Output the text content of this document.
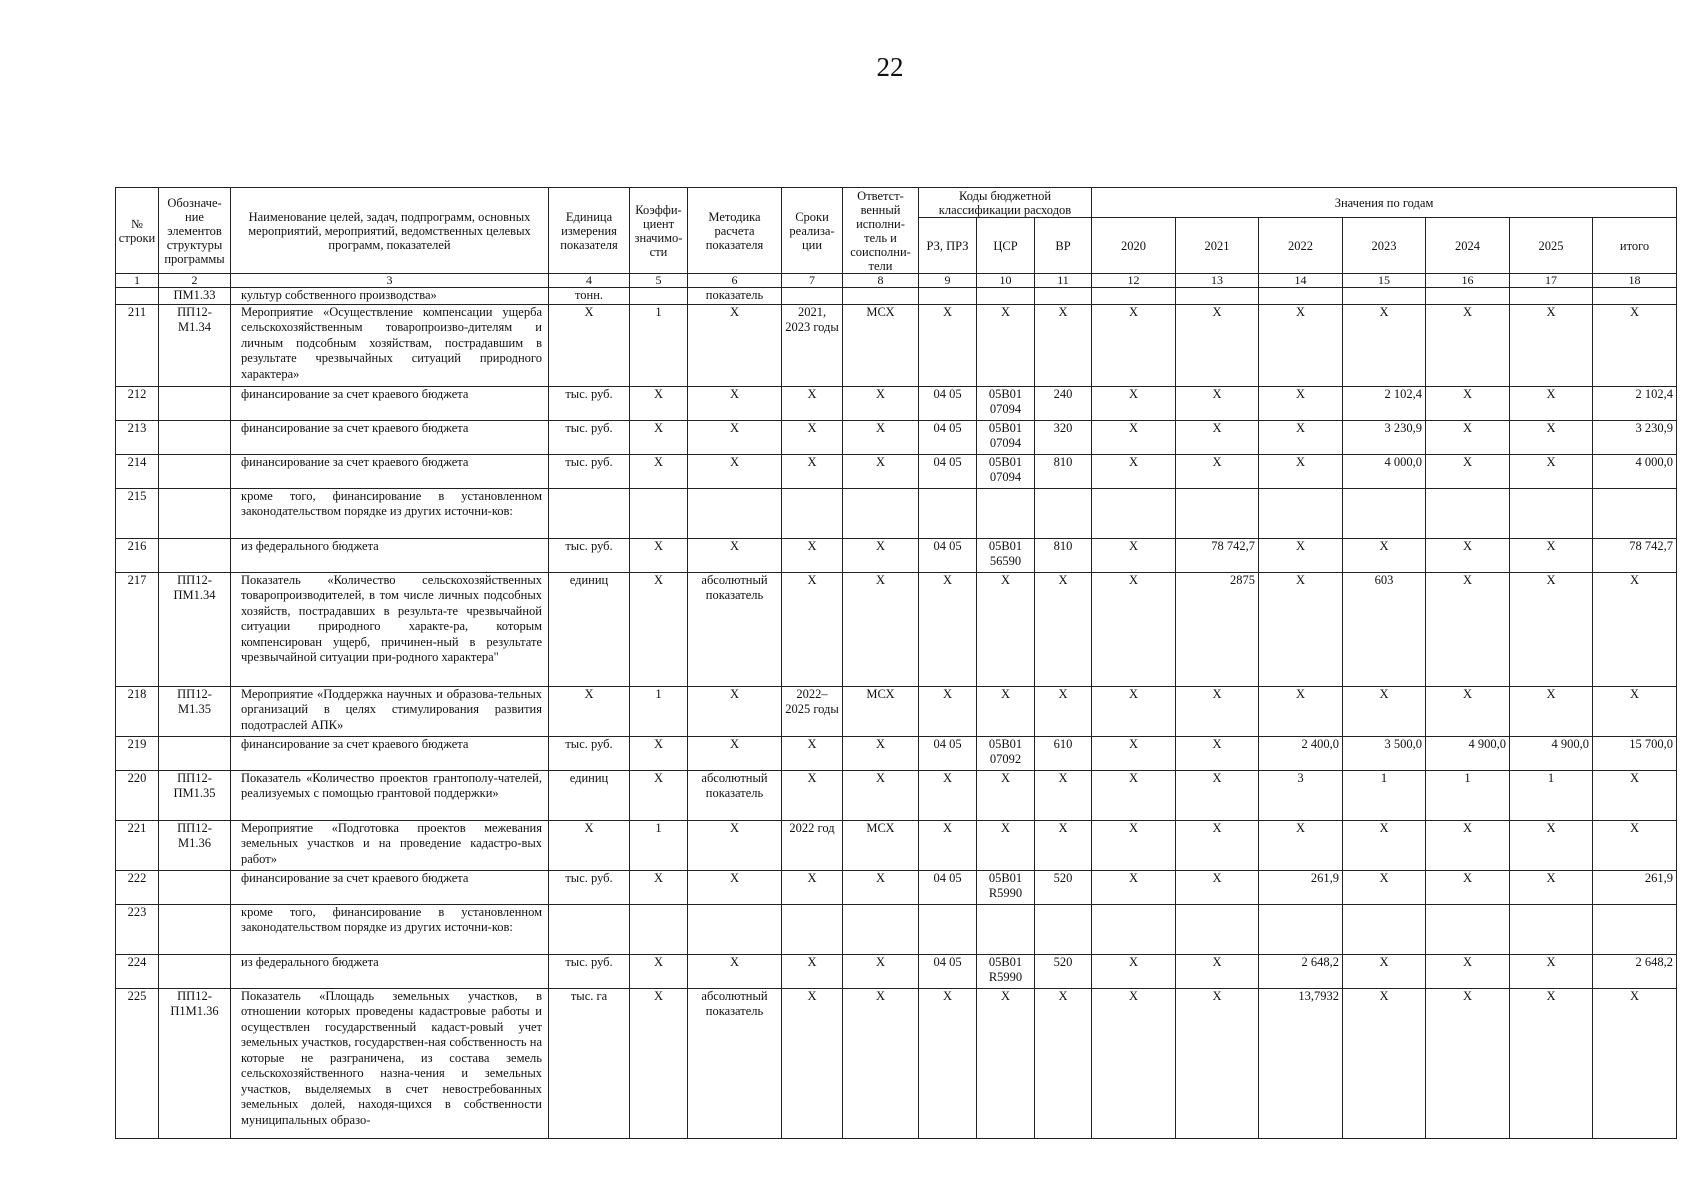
22
№ строки	Обозначе-ние элементов структуры программы	Наименование целей, задач, подпрограмм, основных мероприятий, мероприятий, ведомственных целевых программ, показателей	Единица измерения показателя	Коэффи-циент значимо-сти	Методика расчета показателя	Сроки реализа-ции	Ответст-венный исполни-тель и соисполни-тели	Коды бюджетной классификации расходов			Значения по годам						
								РЗ, ПРЗ	ЦСР	ВР	2020	2021	2022	2023	2024	2025	итого
1	2	3	4	5	6	7	8	9	10	11	12	13	14	15	16	17	18
	ПМ1.33	культур собственного производства»	тонн.		показатель												
211	ПП12-М1.34	Мероприятие «Осуществление компенсации ущерба сельскохозяйственным товаропроизво-дителям и личным подсобным хозяйствам, пострадавшим в результате чрезвычайных ситуаций природного характера»	Х	1	Х	2021, 2023 годы	МСХ	Х	Х	Х	Х	Х	Х	Х	Х	Х	Х
212		финансирование за счет краевого бюджета	тыс. руб.	Х	Х	Х	Х	04 05	05В01 07094	240	Х	Х	Х	2 102,4	Х	Х	2 102,4
213		финансирование за счет краевого бюджета	тыс. руб.	Х	Х	Х	Х	04 05	05В01 07094	320	Х	Х	Х	3 230,9	Х	Х	3 230,9
214		финансирование за счет краевого бюджета	тыс. руб.	Х	Х	Х	Х	04 05	05В01 07094	810	Х	Х	Х	4 000,0	Х	Х	4 000,0
215		кроме того, финансирование в установленном законодательством порядке из других источни-ков:															
216		из федерального бюджета	тыс. руб.	Х	Х	Х	Х	04 05	05В01 56590	810	Х	78 742,7	Х	Х	Х	Х	78 742,7
217	ПП12-ПМ1.34	Показатель «Количество сельскохозяйственных товаропроизводителей, в том числе личных подсобных хозяйств, пострадавших в результа-те чрезвычайной ситуации природного характе-ра, которым компенсирован ущерб, причинен-ный в результате чрезвычайной ситуации при-родного характера"	единиц	Х	абсолютный показатель	Х	Х	Х	Х	Х	Х	2875	Х	603	Х	Х	Х
218	ПП12-М1.35	Мероприятие «Поддержка научных и образова-тельных организаций в целях стимулирования развития подотраслей АПК»	Х	1	Х	2022–2025 годы	МСХ	Х	Х	Х	Х	Х	Х	Х	Х	Х	Х
219		финансирование за счет краевого бюджета	тыс. руб.	Х	Х	Х	Х	04 05	05В01 07092	610	Х	Х	2 400,0	3 500,0	4 900,0	4 900,0	15 700,0
220	ПП12-ПМ1.35	Показатель «Количество проектов грантополу-чателей, реализуемых с помощью грантовой поддержки»	единиц	Х	абсолютный показатель	Х	Х	Х	Х	Х	Х	Х	3	1	1	1	Х
221	ПП12-М1.36	Мероприятие «Подготовка проектов межевания земельных участков и на проведение кадастро-вых работ»	Х	1	Х	2022 год	МСХ	Х	Х	Х	Х	Х	Х	Х	Х	Х	Х
222		финансирование за счет краевого бюджета	тыс. руб.	Х	Х	Х	Х	04 05	05В01 R5990	520	Х	Х	261,9	Х	Х	Х	261,9
223		кроме того, финансирование в установленном законодательством порядке из других источни-ков:															
224		из федерального бюджета	тыс. руб.	Х	Х	Х	Х	04 05	05В01 R5990	520	Х	Х	2 648,2	Х	Х	Х	2 648,2
225	ПП12-П1М1.36	Показатель «Площадь земельных участков, в отношении которых проведены кадастровые работы и осуществлен государственный кадаст-ровый учет земельных участков, государствен-ная собственность на которые не разграничена, из состава земель сельскохозяйственного назна-чения и земельных участков, выделяемых в счет невостребованных земельных долей, находя-щихся в собственности муниципальных образо-	тыс. га	Х	абсолютный показатель	Х	Х	Х	Х	Х	Х	Х	13,7932	Х	Х	Х	Х
